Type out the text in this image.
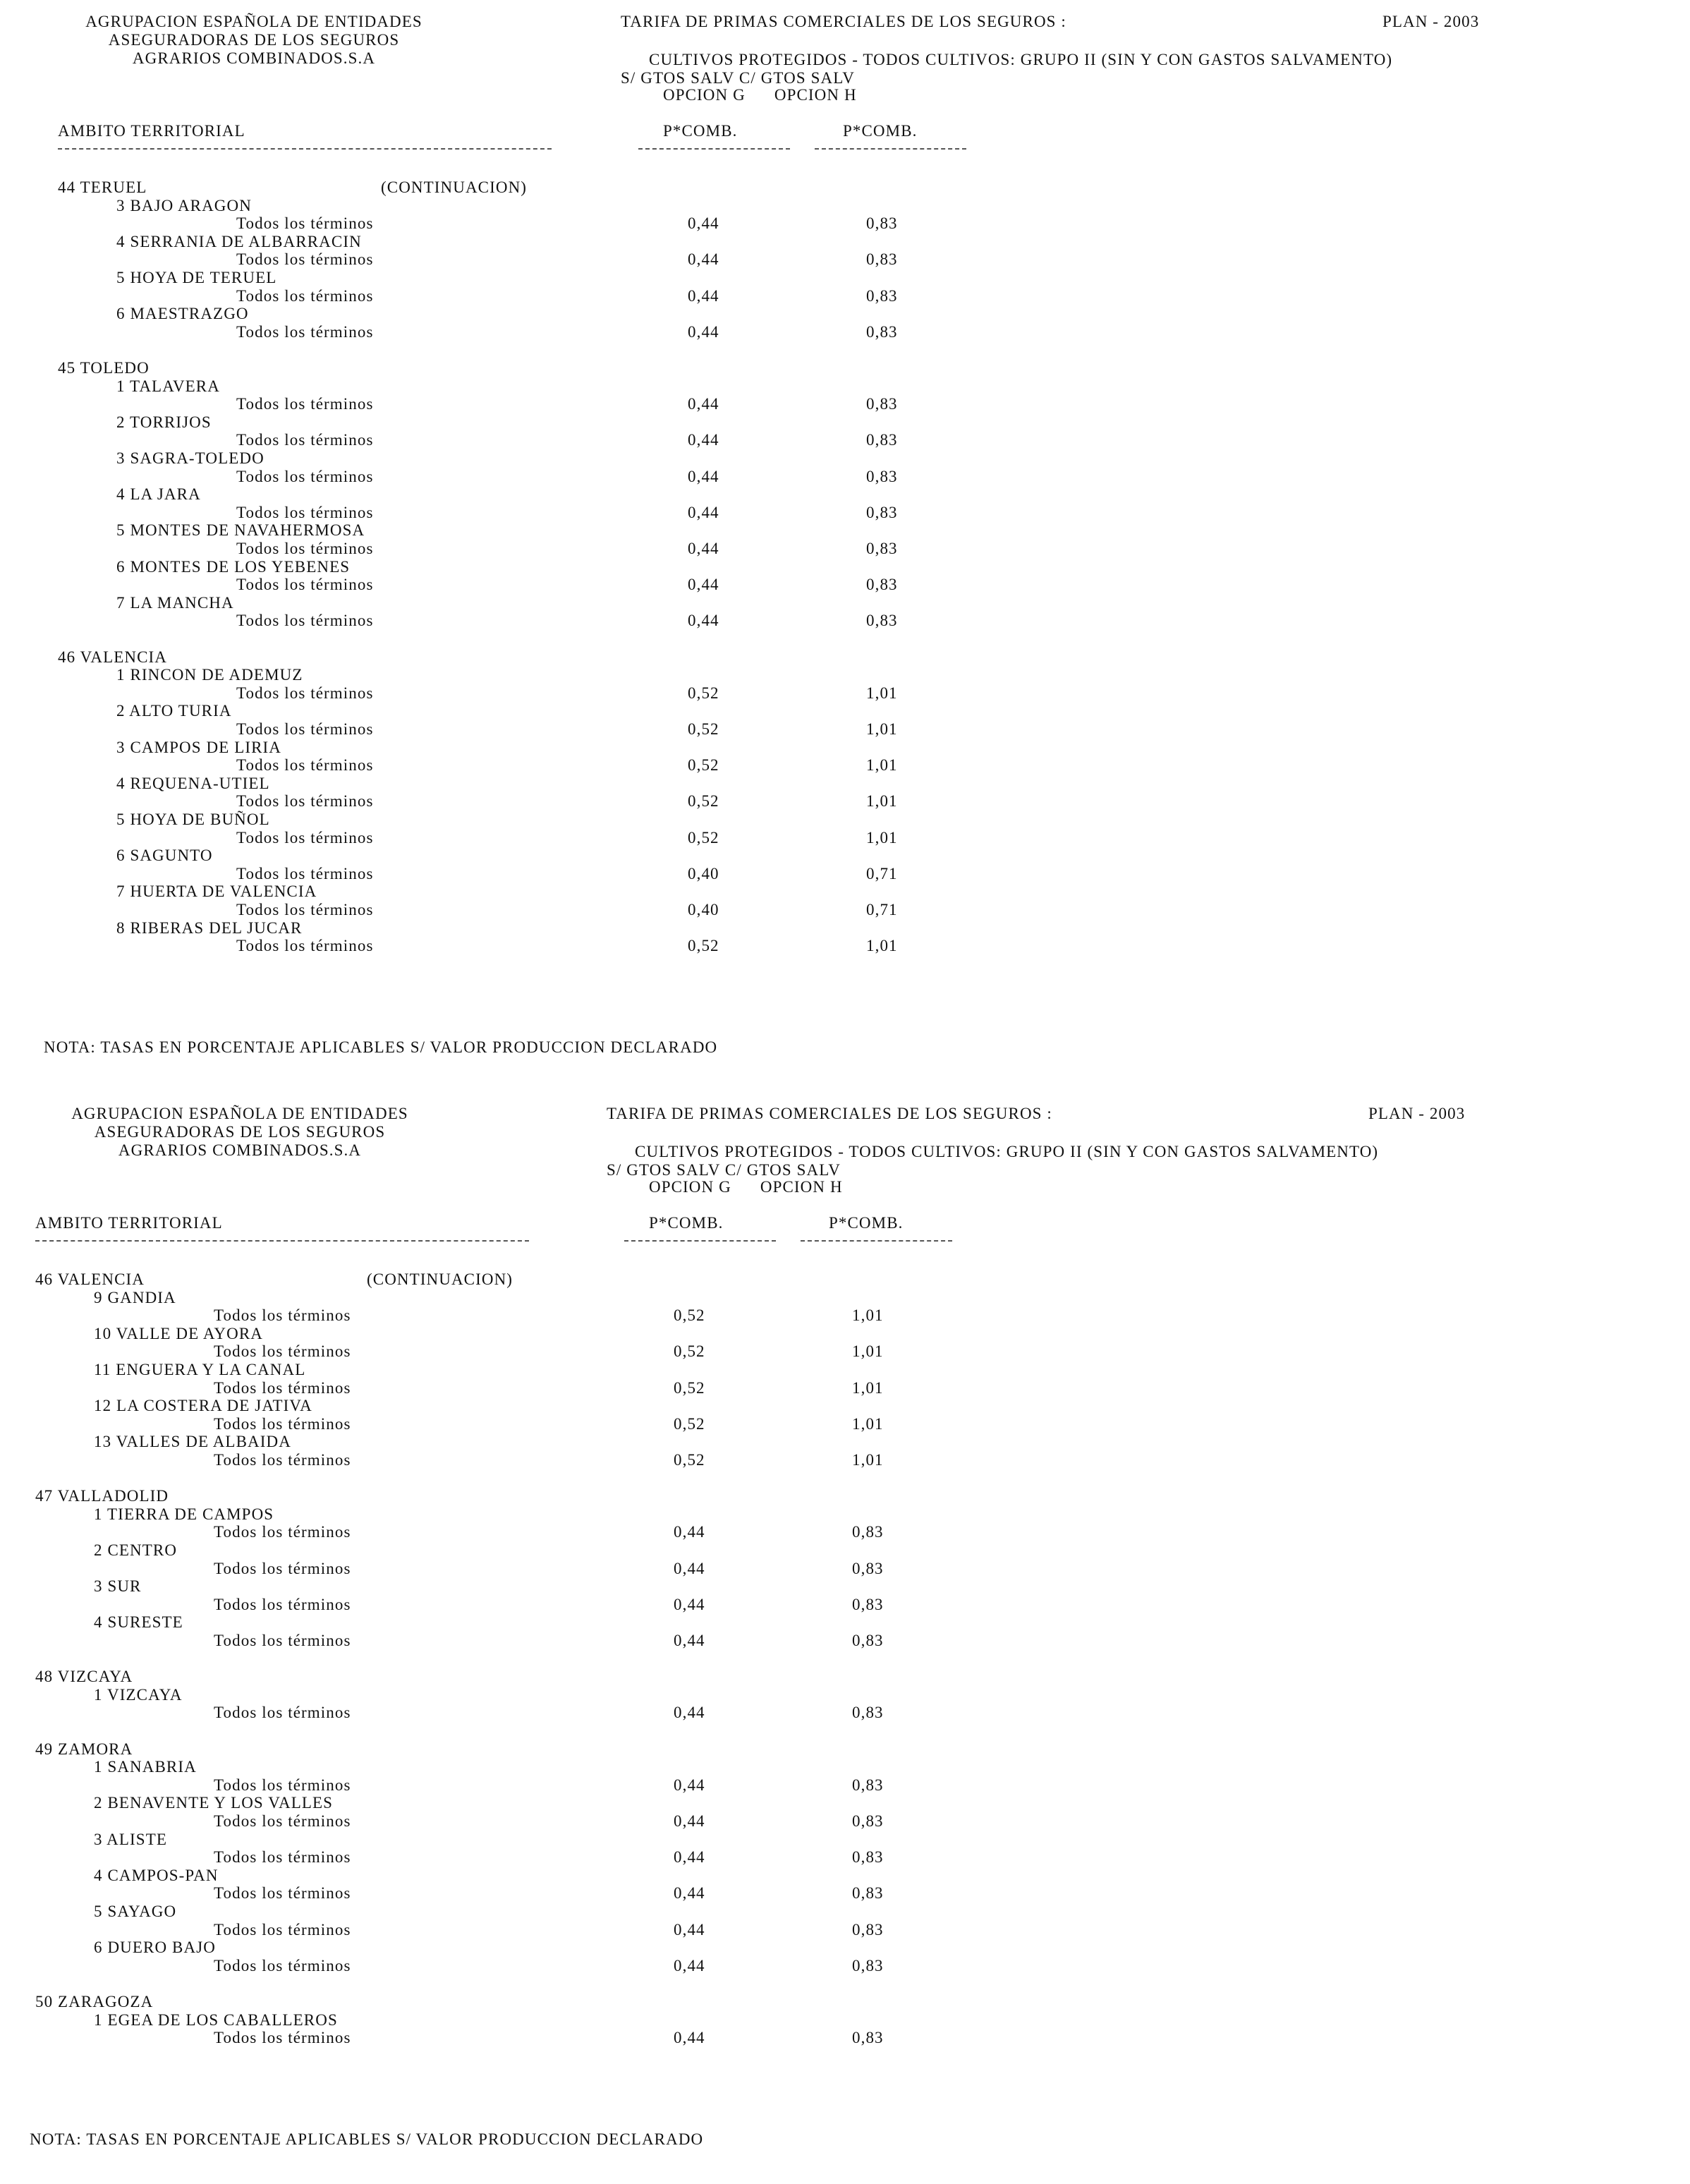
AGRUPACION ESPAÑOLA DE ENTIDADES
ASEGURADORAS DE LOS SEGUROS
AGRARIOS COMBINADOS.S.A
TARIFA DE PRIMAS COMERCIALES DE LOS SEGUROS :	PLAN - 2003
CULTIVOS PROTEGIDOS - TODOS CULTIVOS: GRUPO II (SIN Y CON GASTOS SALVAMENTO)
S/ GTOS SALV C/ GTOS SALV
OPCION G      OPCION H
AMBITO TERRITORIAL	P*COMB.	P*COMB.
44 TERUEL	(CONTINUACION)
3 BAJO ARAGON
Todos los términos	0,44	0,83
4 SERRANIA DE ALBARRACIN
Todos los términos	0,44	0,83
5 HOYA DE TERUEL
Todos los términos	0,44	0,83
6 MAESTRAZGO
Todos los términos	0,44	0,83
45 TOLEDO
1 TALAVERA
Todos los términos	0,44	0,83
2 TORRIJOS
Todos los términos	0,44	0,83
3 SAGRA-TOLEDO
Todos los términos	0,44	0,83
4 LA JARA
Todos los términos	0,44	0,83
5 MONTES DE NAVAHERMOSA
Todos los términos	0,44	0,83
6 MONTES DE LOS YEBENES
Todos los términos	0,44	0,83
7 LA MANCHA
Todos los términos	0,44	0,83
46 VALENCIA
1 RINCON DE ADEMUZ
Todos los términos	0,52	1,01
2 ALTO TURIA
Todos los términos	0,52	1,01
3 CAMPOS DE LIRIA
Todos los términos	0,52	1,01
4 REQUENA-UTIEL
Todos los términos	0,52	1,01
5 HOYA DE BUÑOL
Todos los términos	0,52	1,01
6 SAGUNTO
Todos los términos	0,40	0,71
7 HUERTA DE VALENCIA
Todos los términos	0,40	0,71
8 RIBERAS DEL JUCAR
Todos los términos	0,52	1,01
NOTA: TASAS EN PORCENTAJE APLICABLES S/ VALOR PRODUCCION DECLARADO
AGRUPACION ESPAÑOLA DE ENTIDADES
ASEGURADORAS DE LOS SEGUROS
AGRARIOS COMBINADOS.S.A
TARIFA DE PRIMAS COMERCIALES DE LOS SEGUROS :	PLAN - 2003
CULTIVOS PROTEGIDOS - TODOS CULTIVOS: GRUPO II (SIN Y CON GASTOS SALVAMENTO)
S/ GTOS SALV C/ GTOS SALV
OPCION G      OPCION H
AMBITO TERRITORIAL	P*COMB.	P*COMB.
46 VALENCIA	(CONTINUACION)
9 GANDIA
Todos los términos	0,52	1,01
10 VALLE DE AYORA
Todos los términos	0,52	1,01
11 ENGUERA Y LA CANAL
Todos los términos	0,52	1,01
12 LA COSTERA DE JATIVA
Todos los términos	0,52	1,01
13 VALLES DE ALBAIDA
Todos los términos	0,52	1,01
47 VALLADOLID
1 TIERRA DE CAMPOS
Todos los términos	0,44	0,83
2 CENTRO
Todos los términos	0,44	0,83
3 SUR
Todos los términos	0,44	0,83
4 SURESTE
Todos los términos	0,44	0,83
48 VIZCAYA
1 VIZCAYA
Todos los términos	0,44	0,83
49 ZAMORA
1 SANABRIA
Todos los términos	0,44	0,83
2 BENAVENTE Y LOS VALLES
Todos los términos	0,44	0,83
3 ALISTE
Todos los términos	0,44	0,83
4 CAMPOS-PAN
Todos los términos	0,44	0,83
5 SAYAGO
Todos los términos	0,44	0,83
6 DUERO BAJO
Todos los términos	0,44	0,83
50 ZARAGOZA
1 EGEA DE LOS CABALLEROS
Todos los términos	0,44	0,83
NOTA: TASAS EN PORCENTAJE APLICABLES S/ VALOR PRODUCCION DECLARADO
